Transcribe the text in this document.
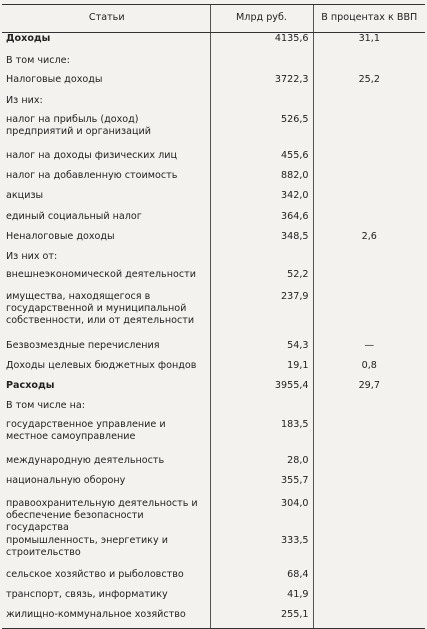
Статьи	Млрд руб.	В процентах к ВВП
Доходы	4135,6	31,1
В том числе:		
Налоговые доходы	3722,3	25,2
Из них:		
налог на прибыль (доход) предприятий и организаций	526,5	
налог на доходы физических лиц	455,6	
налог на добавленную стоимость	882,0	
акцизы	342,0	
единый социальный налог	364,6	
Неналоговые доходы	348,5	2,6
Из них от:		
внешнеэкономической деятельности	52,2	
имущества, находящегося в государственной и муниципальной собственности, или от деятельности	237,9	
Безвозмездные перечисления	54,3	—
Доходы целевых бюджетных фондов	19,1	0,8
Расходы	3955,4	29,7
В том числе на:		
государственное управление и местное самоуправление	183,5	
международную деятельность	28,0	
национальную оборону	355,7	
правоохранительную деятельность и обеспечение безопасности государства	304,0	
промышленность, энергетику и строительство	333,5	
сельское хозяйство и рыболовство	68,4	
транспорт, связь, информатику	41,9	
жилищно-коммунальное хозяйство	255,1	
